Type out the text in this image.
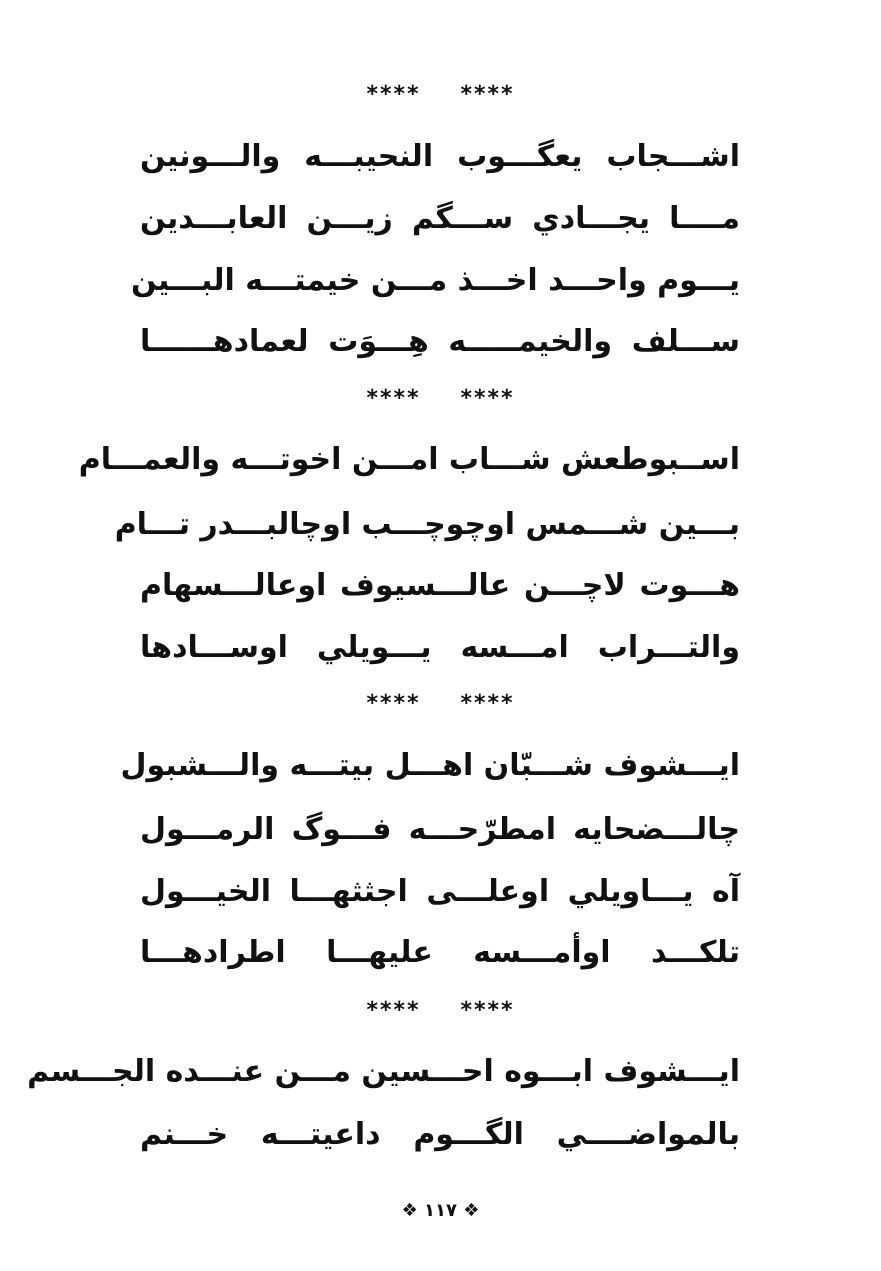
**** ****
اشـــجاب يعگـــوب النحيبـــه والـــونين
مــــا يجـــادي ســـگم زيـــن العابـــدين
يـــوم واحـــد اخـــذ مـــن خيمتـــه البـــين
ســـلف والخيمـــــه هِـــوَت لعمادهــــــا
**** ****
اســبوطعش شـــاب امـــن اخوتـــه والعمـــام
بـــين شـــمس اوچوچـــب اوچالبـــدر تـــام
هـــوت لاچـــن عالـــسيوف اوعالـــسهام
والتـــراب امـــسه يـــويلي اوســـادها
**** ****
ايـــشوف شـــبّان اهـــل بيتـــه والـــشبول
چالـــضحايه امطرّحـــه فـــوگ الرمـــول
آه يـــاويلي اوعلـــى اجثثهـــا الخيـــول
تلكـــد اوأمـــسه عليهـــا اطرادهـــا
**** ****
ايـــشوف ابـــوه احـــسين مـــن عنـــده الجـــسم
بالمواضــــي الگـــوم داعيتـــه خـــنم
❖ ١١٧ ❖
